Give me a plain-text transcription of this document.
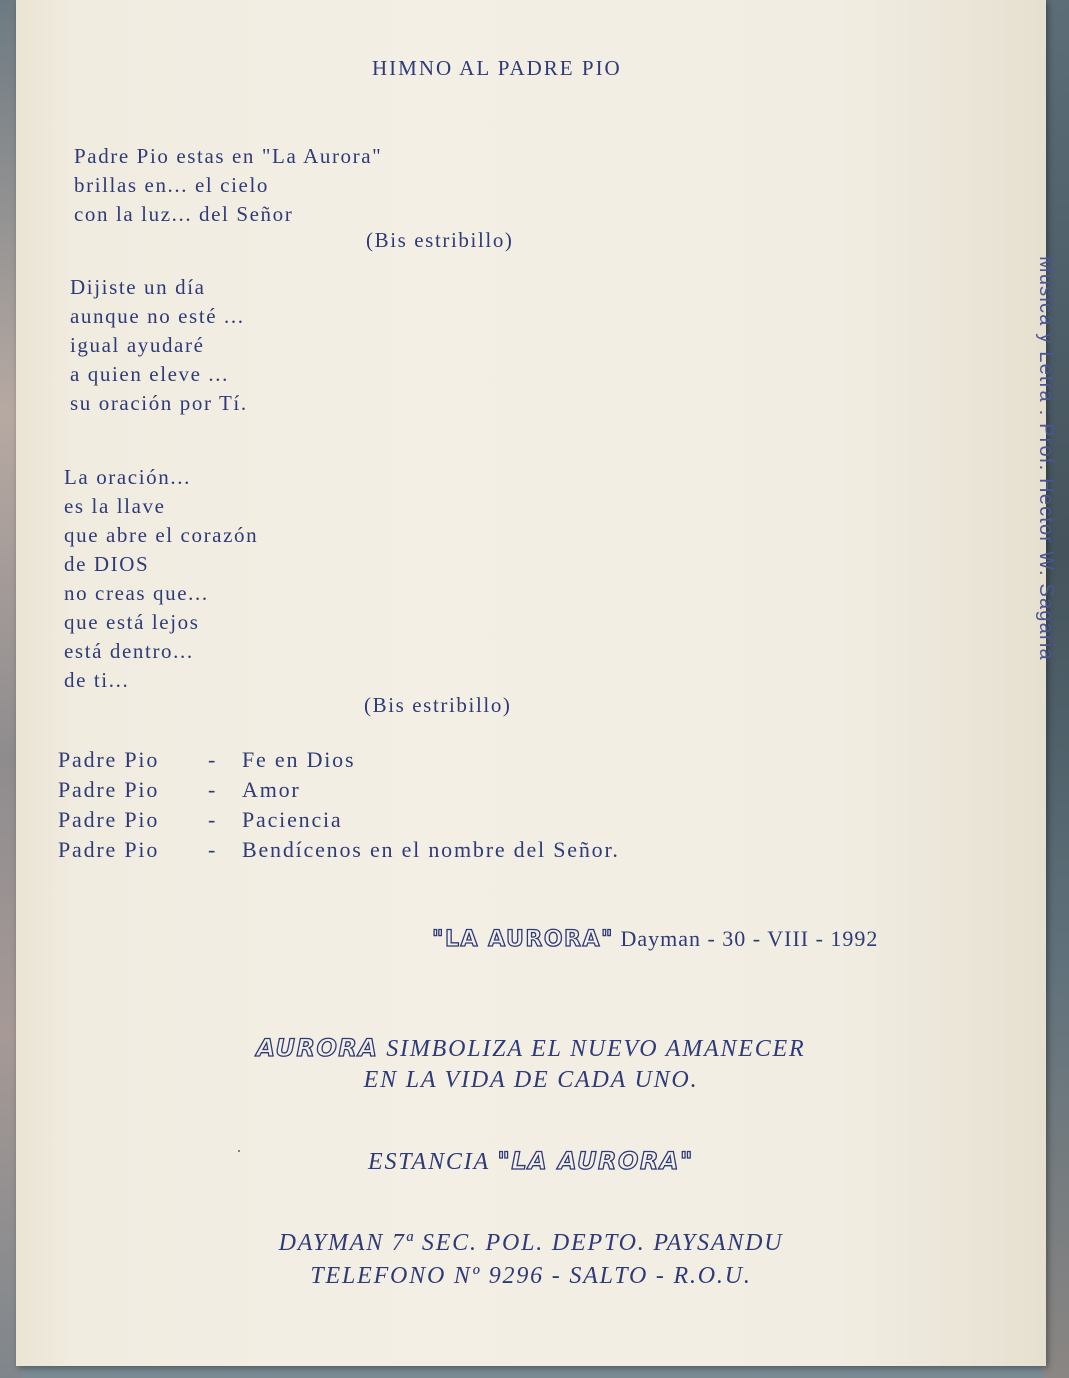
HIMNO AL PADRE PIO
Padre Pio estas en "La Aurora"
brillas en... el cielo
con la luz... del Señor
(Bis estribillo)
Dijiste un día
aunque no esté ...
igual ayudaré
a quien eleve ...
su oración por Tí.
La oración...
es la llave
que abre el corazón
de DIOS
no creas que...
que está lejos
está dentro...
de ti...
(Bis estribillo)
Padre Pio	-	Fe en Dios
Padre Pio	-	Amor
Padre Pio	-	Paciencia
Padre Pio	-	Bendícenos en el nombre del Señor.
"LA AURORA" Dayman - 30 - VIII - 1992
AURORA SIMBOLIZA EL NUEVO AMANECER
EN LA VIDA DE CADA UNO.
ESTANCIA "LA AURORA"
DAYMAN 7ª SEC. POL. DEPTO. PAYSANDU
TELEFONO Nº 9296 - SALTO - R.O.U.
Musica y Letra : Prof. Hector W. Sagaria
